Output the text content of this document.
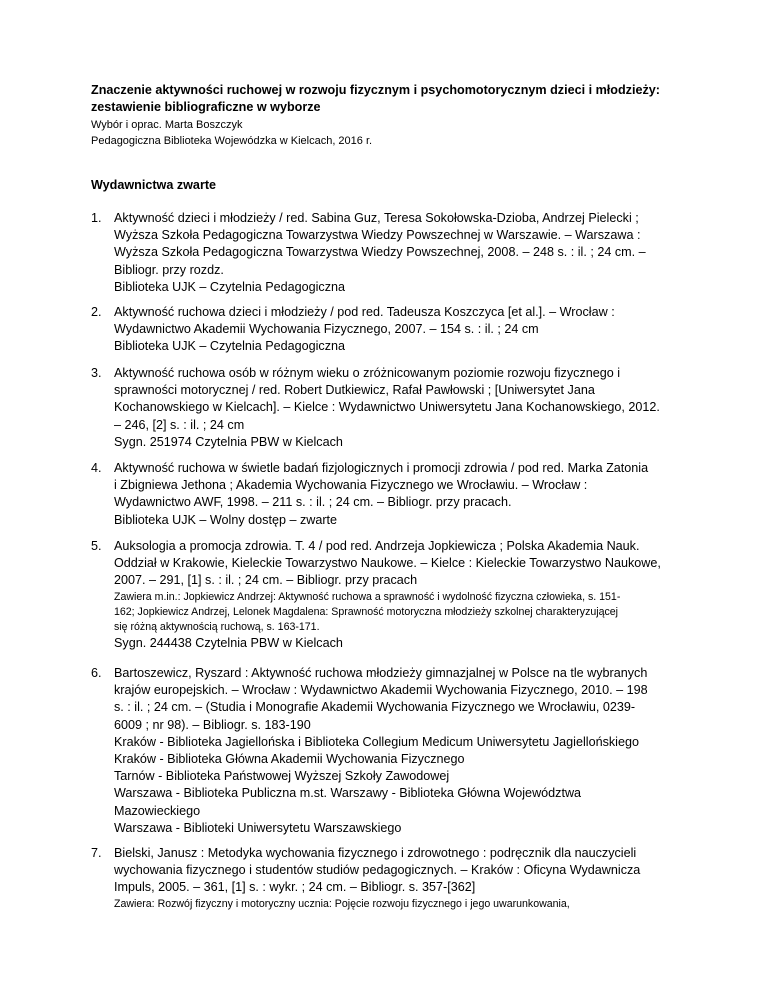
Znaczenie aktywności ruchowej w rozwoju fizycznym i psychomotorycznym dzieci i młodzieży:
zestawienie bibliograficzne w wyborze
Wybór i oprac. Marta Boszczyk
Pedagogiczna Biblioteka Wojewódzka w Kielcach, 2016 r.
Wydawnictwa zwarte
1. Aktywność dzieci i młodzieży / red. Sabina Guz, Teresa Sokołowska-Dzioba, Andrzej Pielecki ;
Wyższa Szkoła Pedagogiczna Towarzystwa Wiedzy Powszechnej w Warszawie. – Warszawa :
Wyższa Szkoła Pedagogiczna Towarzystwa Wiedzy Powszechnej, 2008. – 248 s. : il. ; 24 cm. –
Bibliogr. przy rozdz.
Biblioteka UJK – Czytelnia Pedagogiczna
2. Aktywność ruchowa dzieci i młodzieży / pod red. Tadeusza Koszczyca [et al.]. – Wrocław :
Wydawnictwo Akademii Wychowania Fizycznego, 2007. – 154 s. : il. ; 24 cm
Biblioteka UJK – Czytelnia Pedagogiczna
3. Aktywność ruchowa osób w różnym wieku o zróżnicowanym poziomie rozwoju fizycznego i
sprawności motorycznej / red. Robert Dutkiewicz, Rafał Pawłowski ; [Uniwersytet Jana
Kochanowskiego w Kielcach]. – Kielce : Wydawnictwo Uniwersytetu Jana Kochanowskiego, 2012.
– 246, [2] s. : il. ; 24 cm
Sygn. 251974 Czytelnia PBW w Kielcach
4. Aktywność ruchowa w świetle badań fizjologicznych i promocji zdrowia / pod red. Marka Zatonia
i Zbigniewa Jethona ; Akademia Wychowania Fizycznego we Wrocławiu. – Wrocław :
Wydawnictwo AWF, 1998. – 211 s. : il. ; 24 cm. – Bibliogr. przy pracach.
Biblioteka UJK – Wolny dostęp – zwarte
5. Auksologia a promocja zdrowia. T. 4 / pod red. Andrzeja Jopkiewicza ; Polska Akademia Nauk.
Oddział w Krakowie, Kieleckie Towarzystwo Naukowe. – Kielce : Kieleckie Towarzystwo Naukowe,
2007. – 291, [1] s. : il. ; 24 cm. – Bibliogr. przy pracach
Zawiera m.in.: Jopkiewicz Andrzej: Aktywność ruchowa a sprawność i wydolność fizyczna człowieka, s. 151-
162; Jopkiewicz Andrzej, Lelonek Magdalena: Sprawność motoryczna młodzieży szkolnej charakteryzującej
się różną aktywnością ruchową, s. 163-171.
Sygn. 244438 Czytelnia PBW w Kielcach
6. Bartoszewicz, Ryszard : Aktywność ruchowa młodzieży gimnazjalnej w Polsce na tle wybranych
krajów europejskich. – Wrocław : Wydawnictwo Akademii Wychowania Fizycznego, 2010. – 198
s. : il. ; 24 cm. – (Studia i Monografie Akademii Wychowania Fizycznego we Wrocławiu, 0239-
6009 ; nr 98). – Bibliogr. s. 183-190
Kraków - Biblioteka Jagiellońska i Biblioteka Collegium Medicum Uniwersytetu Jagiellońskiego
Kraków - Biblioteka Główna Akademii Wychowania Fizycznego
Tarnów - Biblioteka Państwowej Wyższej Szkoły Zawodowej
Warszawa - Biblioteka Publiczna m.st. Warszawy - Biblioteka Główna Województwa
Mazowieckiego
Warszawa - Biblioteki Uniwersytetu Warszawskiego
7. Bielski, Janusz : Metodyka wychowania fizycznego i zdrowotnego : podręcznik dla nauczycieli
wychowania fizycznego i studentów studiów pedagogicznych. – Kraków : Oficyna Wydawnicza
Impuls, 2005. – 361, [1] s. : wykr. ; 24 cm. – Bibliogr. s. 357-[362]
Zawiera: Rozwój fizyczny i motoryczny ucznia: Pojęcie rozwoju fizycznego i jego uwarunkowania,
